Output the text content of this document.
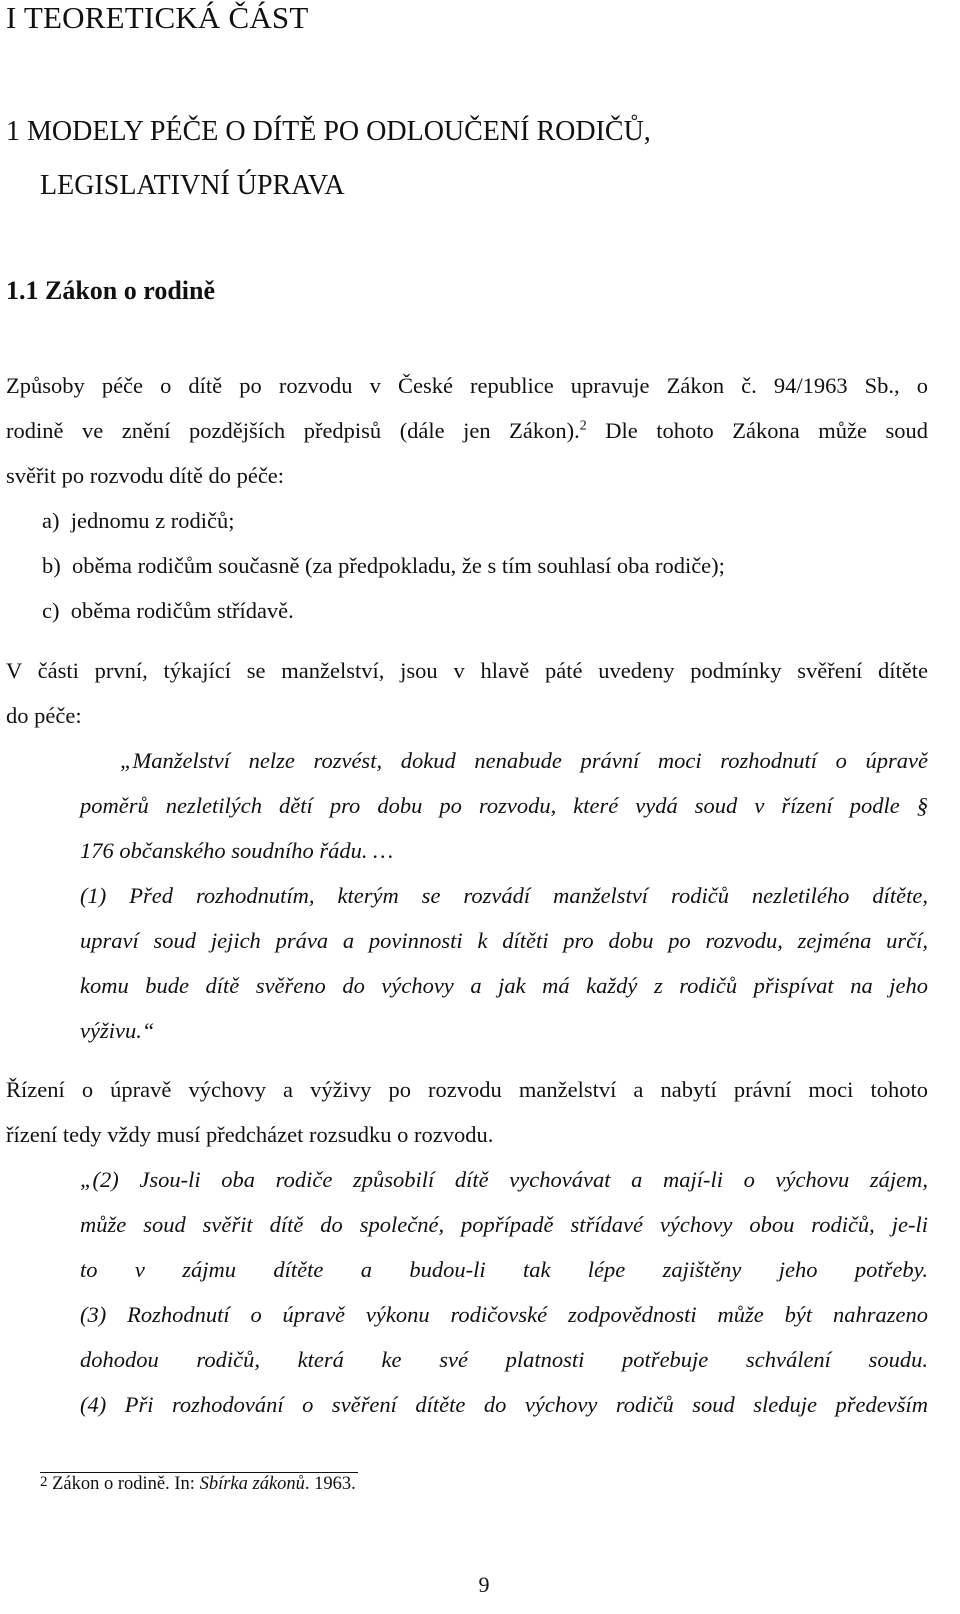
I TEORETICKÁ ČÁST
1 MODELY PÉČE O DÍTĚ PO ODLOUČENÍ RODIČŮ,
LEGISLATIVNÍ ÚPRAVA
1.1 Zákon o rodině
Způsoby péče o dítě po rozvodu v České republice upravuje Zákon č. 94/1963 Sb., o
rodině ve znění pozdějších předpisů (dále jen Zákon).$^2$ Dle tohoto Zákona může soud
svěřit po rozvodu dítě do péče:
a) jednomu z rodičů;
b) oběma rodičům současně (za předpokladu, že s tím souhlasí oba rodiče);
c) oběma rodičům střídavě.
V části první, týkající se manželství, jsou v hlavě páté uvedeny podmínky svěření dítěte
do péče:
„Manželství nelze rozvést, dokud nenabude právní moci rozhodnutí o úpravě
poměrů nezletilých dětí pro dobu po rozvodu, které vydá soud v řízení podle §
176 občanského soudního řádu. …
(1) Před rozhodnutím, kterým se rozvádí manželství rodičů nezletilého dítěte,
upraví soud jejich práva a povinnosti k dítěti pro dobu po rozvodu, zejména určí,
komu bude dítě svěřeno do výchovy a jak má každý z rodičů přispívat na jeho
výživu.“
Řízení o úpravě výchovy a výživy po rozvodu manželství a nabytí právní moci tohoto
řízení tedy vždy musí předcházet rozsudku o rozvodu.
„(2) Jsou-li oba rodiče způsobilí dítě vychovávat a mají-li o výchovu zájem,
může soud svěřit dítě do společné, popřípadě střídavé výchovy obou rodičů, je-li
to v zájmu dítěte a budou-li tak lépe zajištěny jeho potřeby.
(3) Rozhodnutí o úpravě výkonu rodičovské zodpovědnosti může být nahrazeno
dohodou rodičů, která ke své platnosti potřebuje schválení soudu.
(4) Při rozhodování o svěření dítěte do výchovy rodičů soud sleduje především
2 Zákon o rodině. In: Sbírka zákonů. 1963.
9
